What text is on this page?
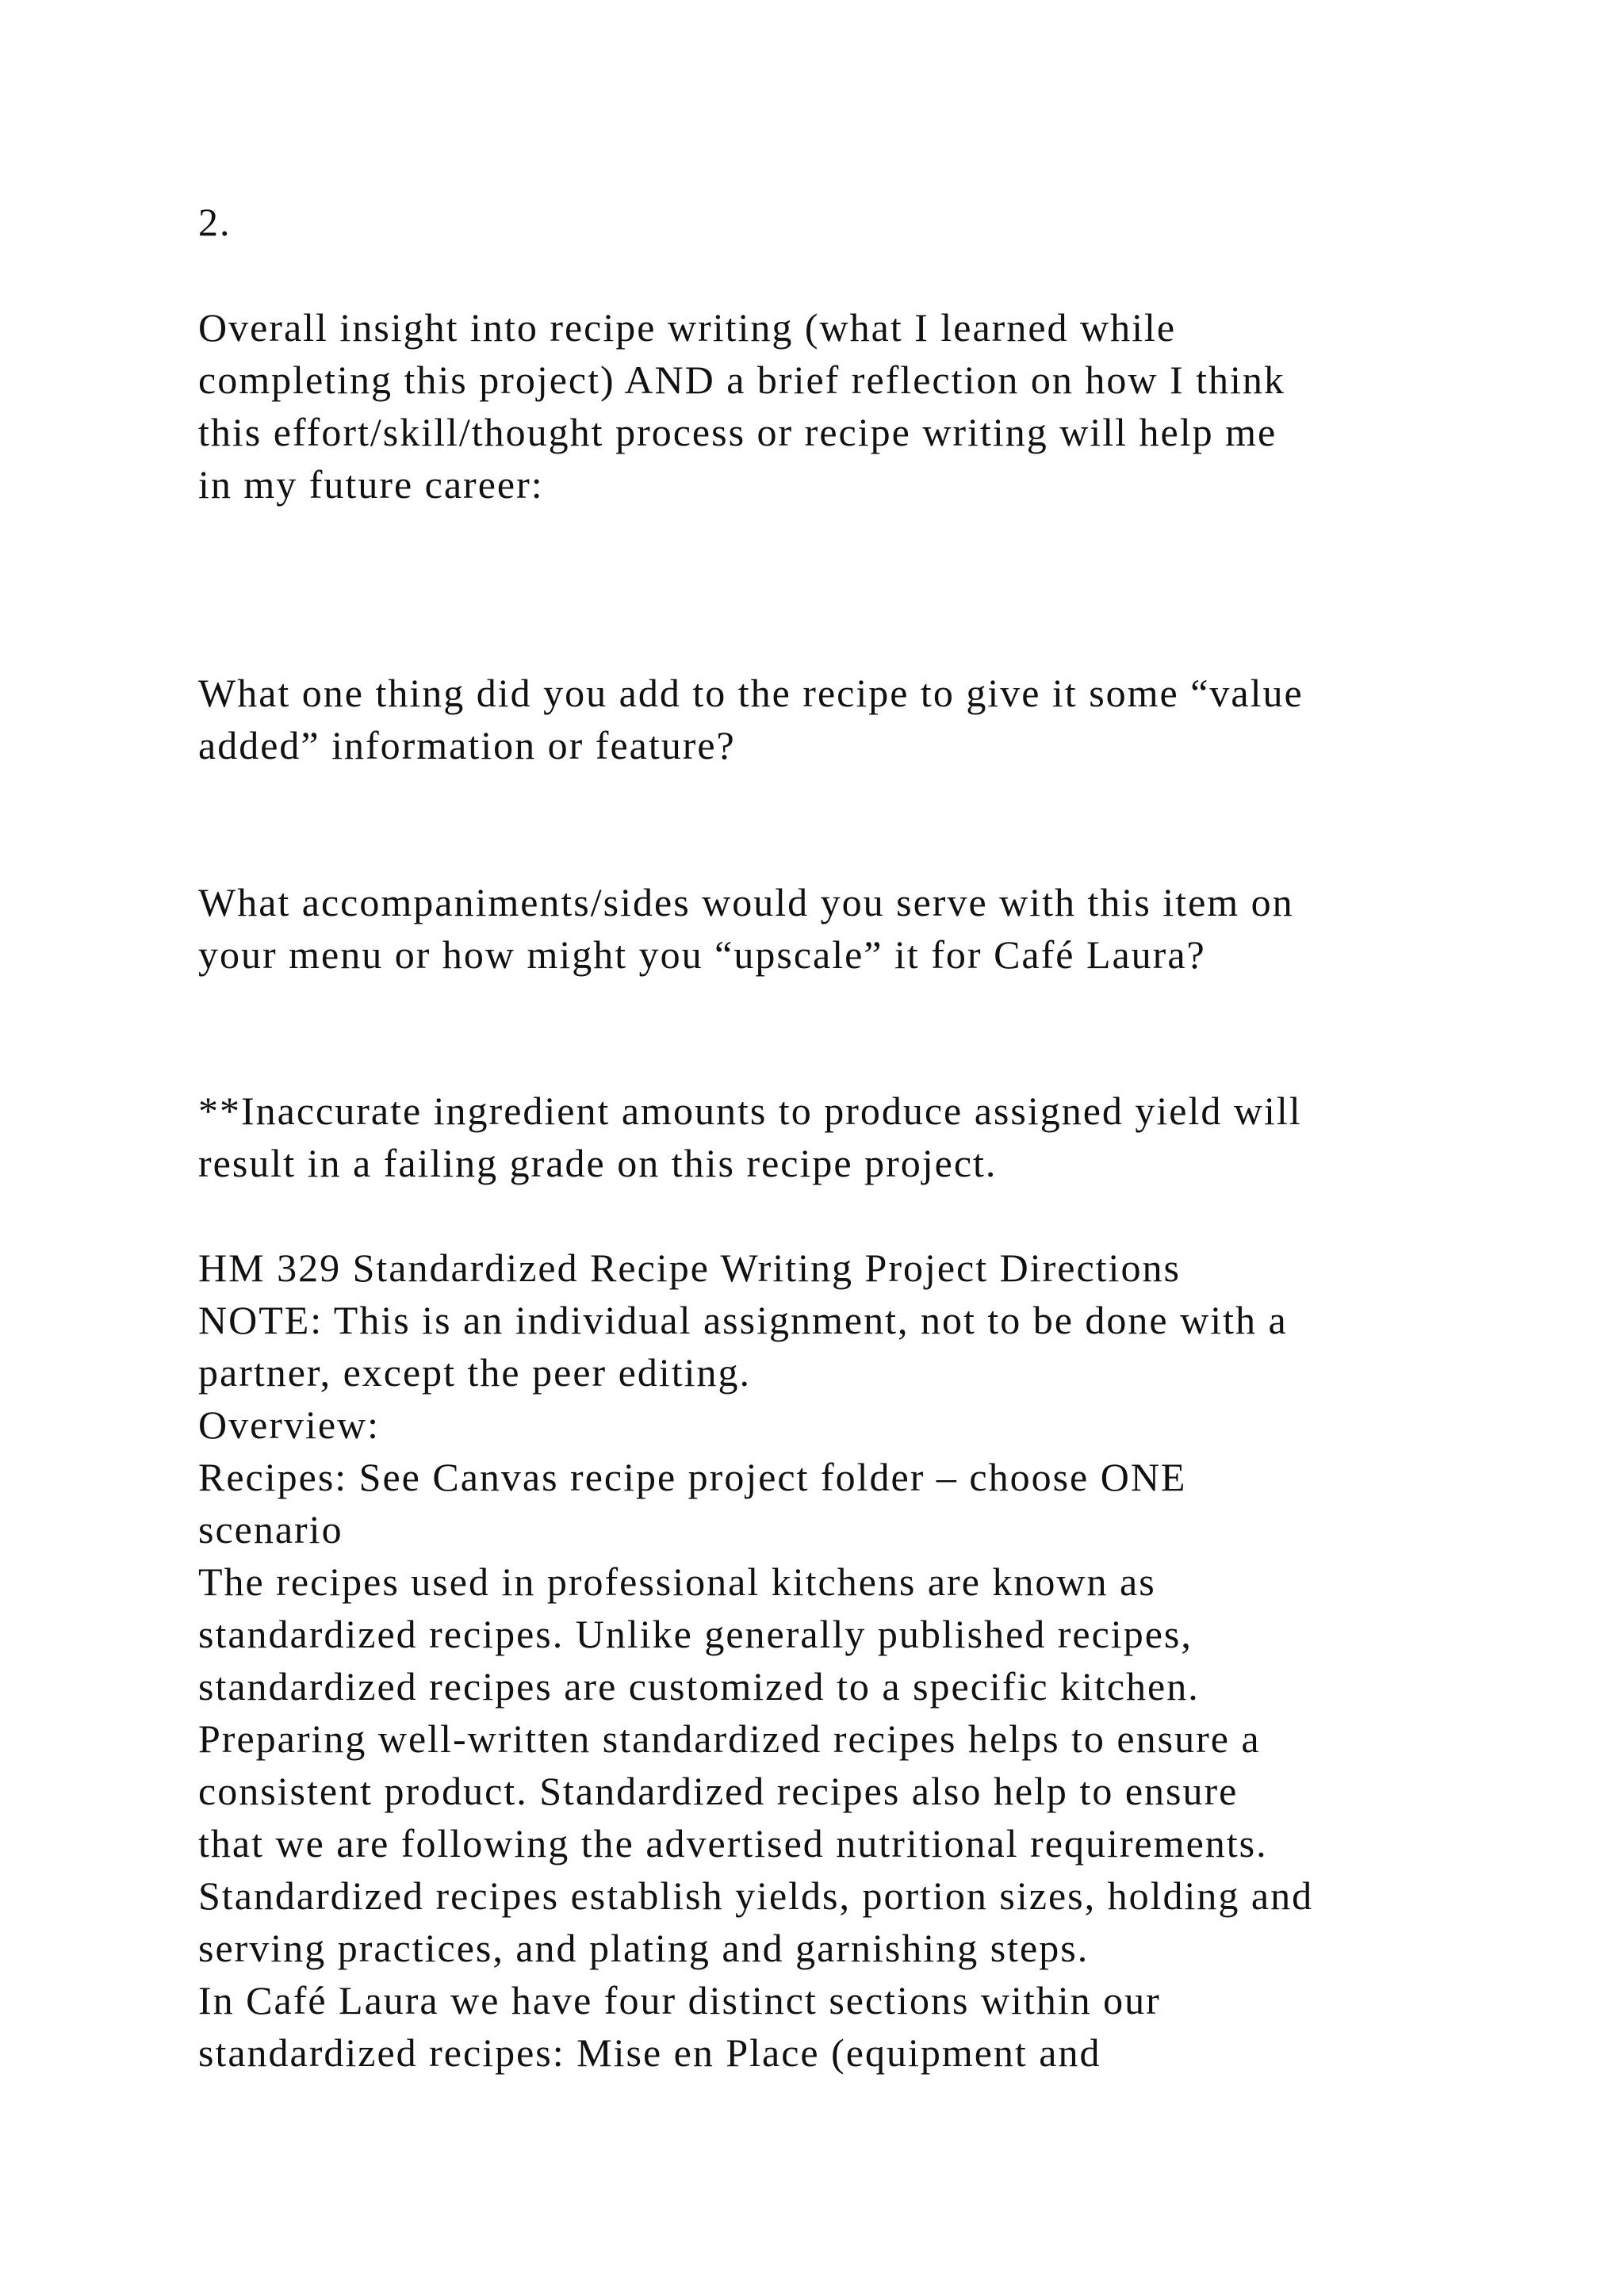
2.
Overall insight into recipe writing (what I learned while
completing this project) AND a brief reflection on how I think
this effort/skill/thought process or recipe writing will help me
in my future career:
What one thing did you add to the recipe to give it some “value
added” information or feature?
What accompaniments/sides would you serve with this item on
your menu or how might you “upscale” it for Café Laura?
**Inaccurate ingredient amounts to produce assigned yield will
result in a failing grade on this recipe project.
HM 329 Standardized Recipe Writing Project Directions
NOTE: This is an individual assignment, not to be done with a
partner, except the peer editing.
Overview:
Recipes: See Canvas recipe project folder – choose ONE
scenario
The recipes used in professional kitchens are known as
standardized recipes. Unlike generally published recipes,
standardized recipes are customized to a specific kitchen.
Preparing well-written standardized recipes helps to ensure a
consistent product. Standardized recipes also help to ensure
that we are following the advertised nutritional requirements.
Standardized recipes establish yields, portion sizes, holding and
serving practices, and plating and garnishing steps.
In Café Laura we have four distinct sections within our
standardized recipes: Mise en Place (equipment and
